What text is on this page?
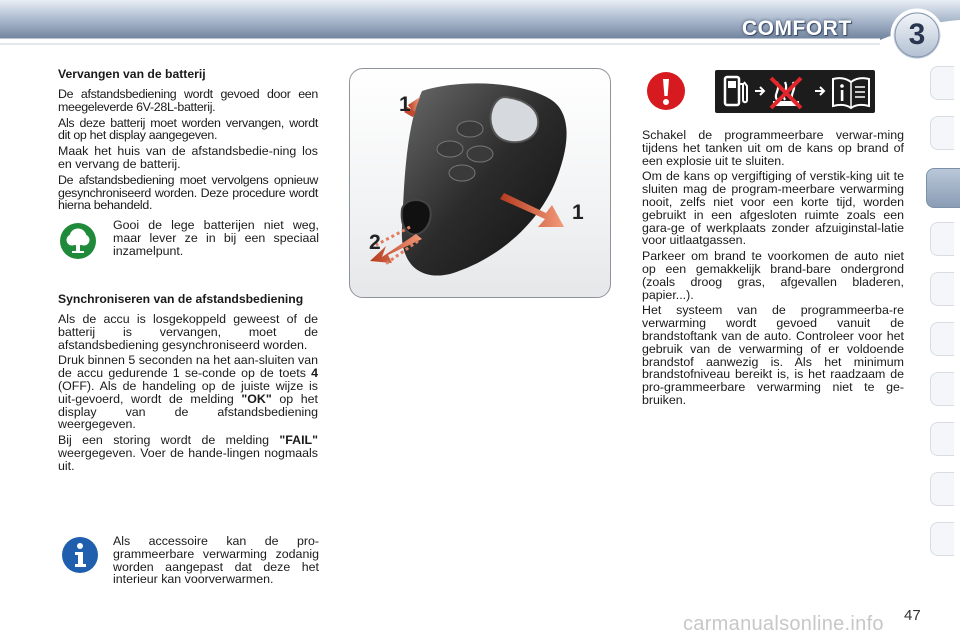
COMFORT	3
Vervangen van de batterij

De afstandsbediening wordt gevoed door een meegeleverde 6V-28L-batterij.

Als deze batterij moet worden vervangen, wordt dit op het display aangegeven.

Maak het huis van de afstandsbedie-ning los en vervang de batterij.

De afstandsbediening moet vervolgens opnieuw gesynchroniseerd worden. Deze procedure wordt hierna behandeld.

Gooi de lege batterijen niet weg, maar lever ze in bij een speciaal inzamelpunt.
Synchroniseren van de afstandsbediening

Als de accu is losgekoppeld geweest of de batterij is vervangen, moet de afstandsbediening gesynchroniseerd worden.

Druk binnen 5 seconden na het aan-sluiten van de accu gedurende 1 se-conde op de toets 4 (OFF). Als de handeling op de juiste wijze is uit-gevoerd, wordt de melding "OK" op het display van de afstandsbediening weergegeven.

Bij een storing wordt de melding "FAIL" weergegeven. Voer de hande-lingen nogmaals uit.

Als accessoire kan de pro-grammeerbare verwarming zodanig worden aangepast dat deze het interieur kan voorverwarmen.
1
1
2

Schakel de programmeerbare verwar-ming tijdens het tanken uit om de kans op brand of een explosie uit te sluiten.

Om de kans op vergiftiging of verstik-king uit te sluiten mag de program-meerbare verwarming nooit, zelfs niet voor een korte tijd, worden gebruikt in een afgesloten ruimte zoals een gara-ge of werkplaats zonder afzuiginstal-latie voor uitlaatgassen.

Parkeer om brand te voorkomen de auto niet op een gemakkelijk brand-bare ondergrond (zoals droog gras, afgevallen bladeren, papier...).

Het systeem van de programmeerba-re verwarming wordt gevoed vanuit de brandstoftank van de auto. Controleer voor het gebruik van de verwarming of er voldoende brandstof aanwezig is. Als het minimum brandstofniveau bereikt is, is het raadzaam de pro-grammeerbare verwarming niet te ge-bruiken.

carmanualsonline.info 47
